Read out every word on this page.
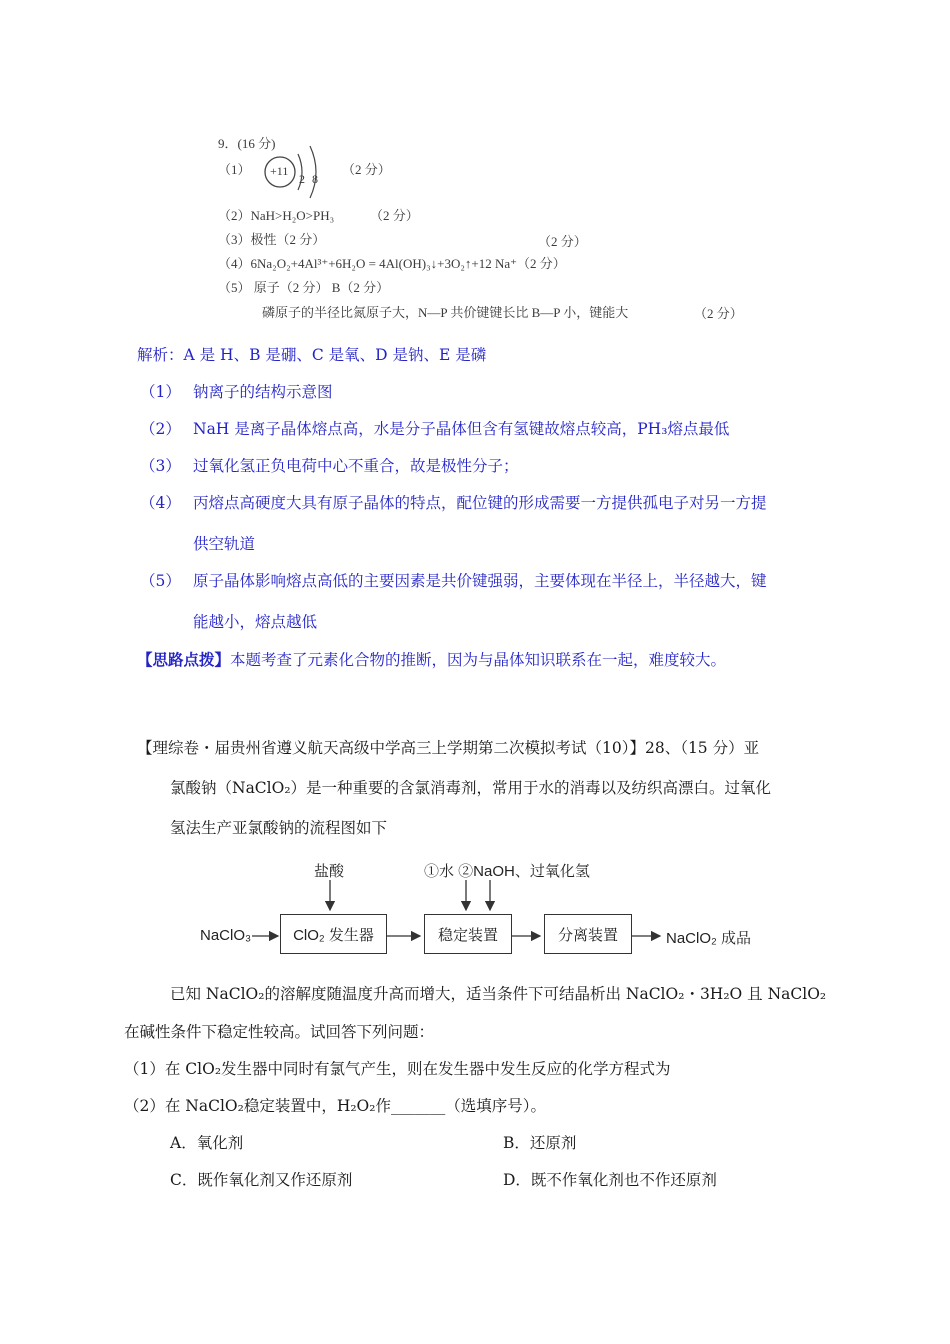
9．(16 分)
（1） +11
2 8
（2 分）
（2）NaH>H₂O>PH₃	（2 分）
（3）极性（2 分）	（2 分）
（4）6Na₂O₂+4Al³⁺+6H₂O = 4Al(OH)₃↓+3O₂↑+12 Na⁺（2 分）
（5） 原子（2 分） B（2 分）
磷原子的半径比氮原子大，N—P 共价键键长比 B—P 小，键能大	（2 分）
解析：A 是 H、B 是硼、C 是氧、D 是钠、E 是磷
（1） 钠离子的结构示意图
（2） NaH 是离子晶体熔点高，水是分子晶体但含有氢键故熔点较高，PH₃熔点最低
（3） 过氧化氢正负电荷中心不重合，故是极性分子；
（4） 丙熔点高硬度大具有原子晶体的特点，配位键的形成需要一方提供孤电子对另一方提
供空轨道
（5） 原子晶体影响熔点高低的主要因素是共价键强弱，主要体现在半径上，半径越大，键
能越小，熔点越低
【思路点拨】本题考查了元素化合物的推断，因为与晶体知识联系在一起，难度较大。
【理综卷・届贵州省遵义航天高级中学高三上学期第二次模拟考试（10）】28、（15 分）亚
氯酸钠（NaClO₂）是一种重要的含氯消毒剂，常用于水的消毒以及纺织高漂白。过氧化
氢法生产亚氯酸钠的流程图如下
NaClO₃	ClO₂ 发生器	稳定装置	分离装置	NaClO₂ 成品
盐酸	①水 ②NaOH、过氧化氢
已知 NaClO₂的溶解度随温度升高而增大，适当条件下可结晶析出 NaClO₂・3H₂O 且 NaClO₂
在碱性条件下稳定性较高。试回答下列问题：
（1）在 ClO₂发生器中同时有氯气产生，则在发生器中发生反应的化学方程式为
（2）在 NaClO₂稳定装置中，H₂O₂作_______（选填序号）。
A．氧化剂	B．还原剂
C．既作氧化剂又作还原剂	D．既不作氧化剂也不作还原剂
